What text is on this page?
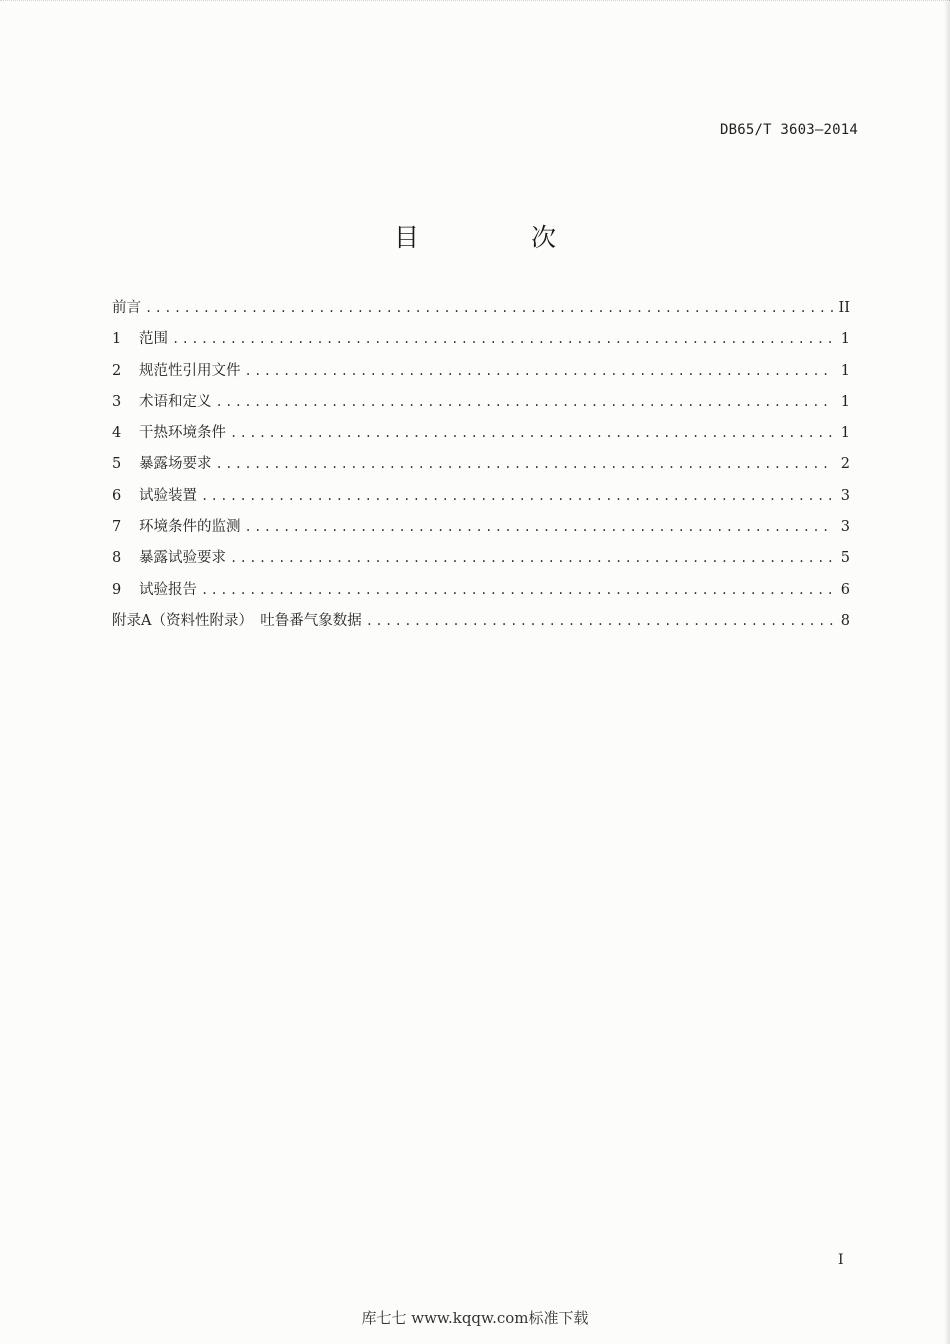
DB65/T 3603—2014
目 次
前言 .....	II
1	范围 .....	1
2	规范性引用文件 .....	1
3	术语和定义 .....	1
4	干热环境条件 .....	1
5	暴露场要求 .....	2
6	试验装置 .....	3
7	环境条件的监测 .....	3
8	暴露试验要求 .....	5
9	试验报告 .....	6
附录A（资料性附录）　吐鲁番气象数据 .....	8
I
库七七 www.kqqw.com标准下载
